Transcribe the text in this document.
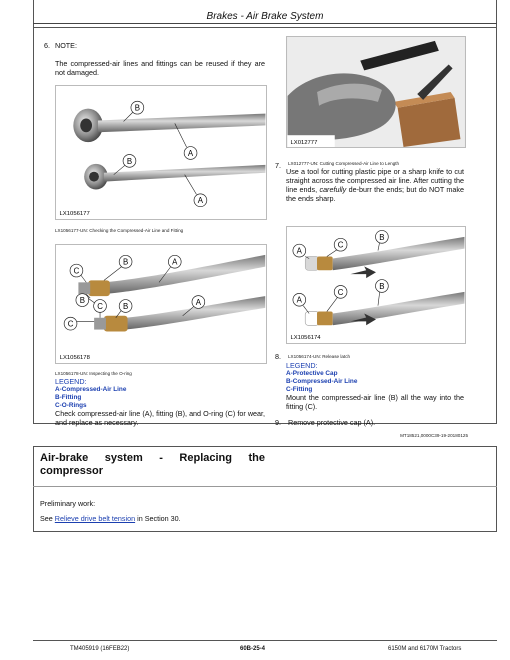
Brakes - Air Brake System
6. NOTE:
The compressed-air lines and fittings can be reused if they are not damaged.
B
A
B
A
LX1056177
LX1056177-UN: Checking the Compressed-Air Line and Fitting
C
B	A
B	A
C
C
B
LX1056178
LX1056178-UN: Inspecting the O-ring
LEGEND:
A-Compressed-Air Line
B-Fitting
C-O-Rings
Check compressed-air line (A), fitting (B), and O-ring (C) for wear, and replace as necessary.
LX012777
LX012777-UN: Cutting Compressed-Air Line to Length
7.
Use a tool for cutting plastic pipe or a sharp knife to cut straight across the compressed air line. After cutting the line ends, carefully de-burr the ends; but do NOT make the ends sharp.
B
C
A
B
C
A
LX1056174
8. LX1056174-UN: Release latch
LEGEND:
A-Protective Cap
B-Compressed-Air Line
C-Fitting
Mount the compressed-air line (B) all the way into the fitting (C).
9. Remove protective cap (A).
MT18521,0000C39-19-20180125
Air-brake system - Replacing the compressor
Preliminary work:
See Relieve drive belt tension in Section 30.
TM405919 (16FEB22)	60B-25-4	6150M and 6170M Tractors
